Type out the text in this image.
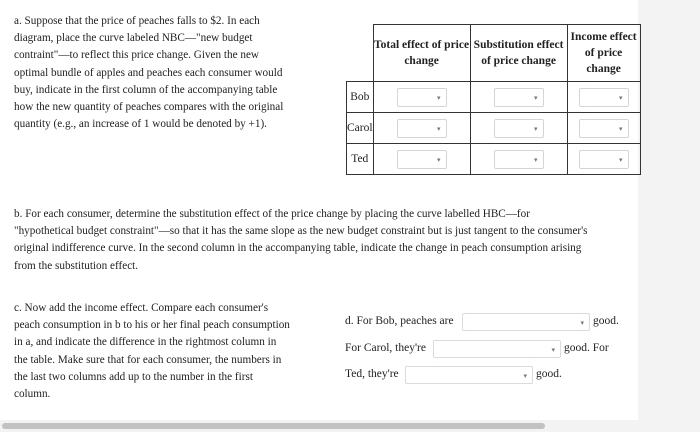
a. Suppose that the price of peaches falls to $2. In each
diagram, place the curve labeled NBC—"new budget
contraint"—to reflect this price change. Given the new
optimal bundle of apples and peaches each consumer would
buy, indicate in the first column of the accompanying table
how the new quantity of peaches compares with the original
quantity (e.g., an increase of 1 would be denoted by +1).
	Total effect of price change	Substitution effect of price change	Income effect of price change
Bob	▾	▾	▾

Carol	▾	▾	▾

Ted	▾	▾	▾
b. For each consumer, determine the substitution effect of the price change by placing the curve labelled HBC—for
"hypothetical budget constraint"—so that it has the same slope as the new budget constraint but is just tangent to the consumer's
original indifference curve. In the second column in the accompanying table, indicate the change in peach consumption arising
from the substitution effect.
c. Now add the income effect. Compare each consumer's
peach consumption in b to his or her final peach consumption
in a, and indicate the difference in the rightmost column in
the table. Make sure that for each consumer, the numbers in
the last two columns add up to the number in the first
column.
d. For Bob, peaches are	▾ good.
For Carol, they're	▾ good. For
Ted, they're	▾ good.
